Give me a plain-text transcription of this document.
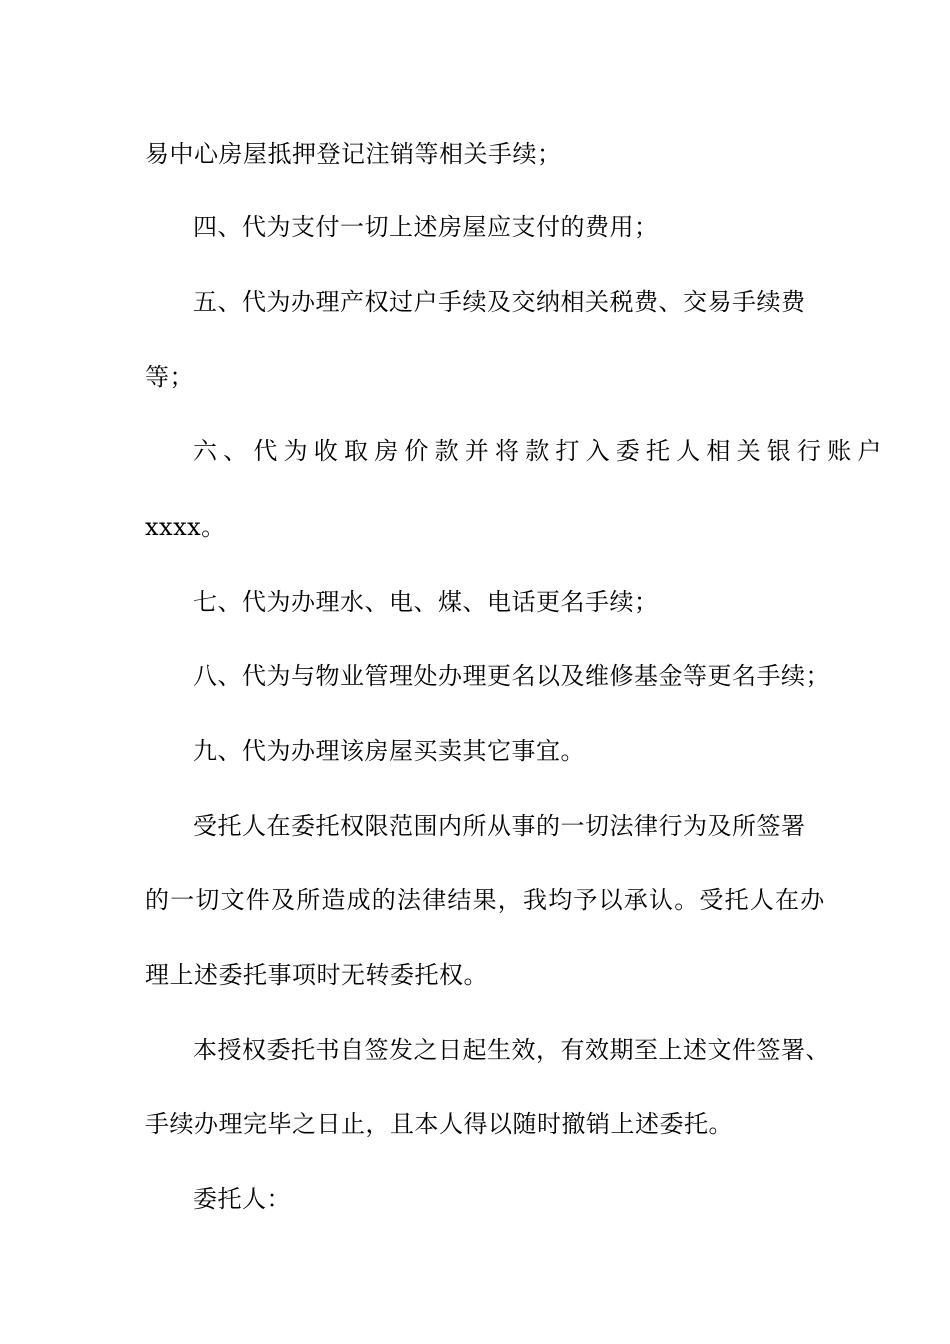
易中心房屋抵押登记注销等相关手续；
四、代为支付一切上述房屋应支付的费用；
五、代为办理产权过户手续及交纳相关税费、交易手续费
等；
六、代为收取房价款并将款打入委托人相关银行账户
xxxx。
七、代为办理水、电、煤、电话更名手续；
八、代为与物业管理处办理更名以及维修基金等更名手续；
九、代为办理该房屋买卖其它事宜。
受托人在委托权限范围内所从事的一切法律行为及所签署
的一切文件及所造成的法律结果，我均予以承认。受托人在办
理上述委托事项时无转委托权。
本授权委托书自签发之日起生效，有效期至上述文件签署、
手续办理完毕之日止，且本人得以随时撤销上述委托。
委托人：
